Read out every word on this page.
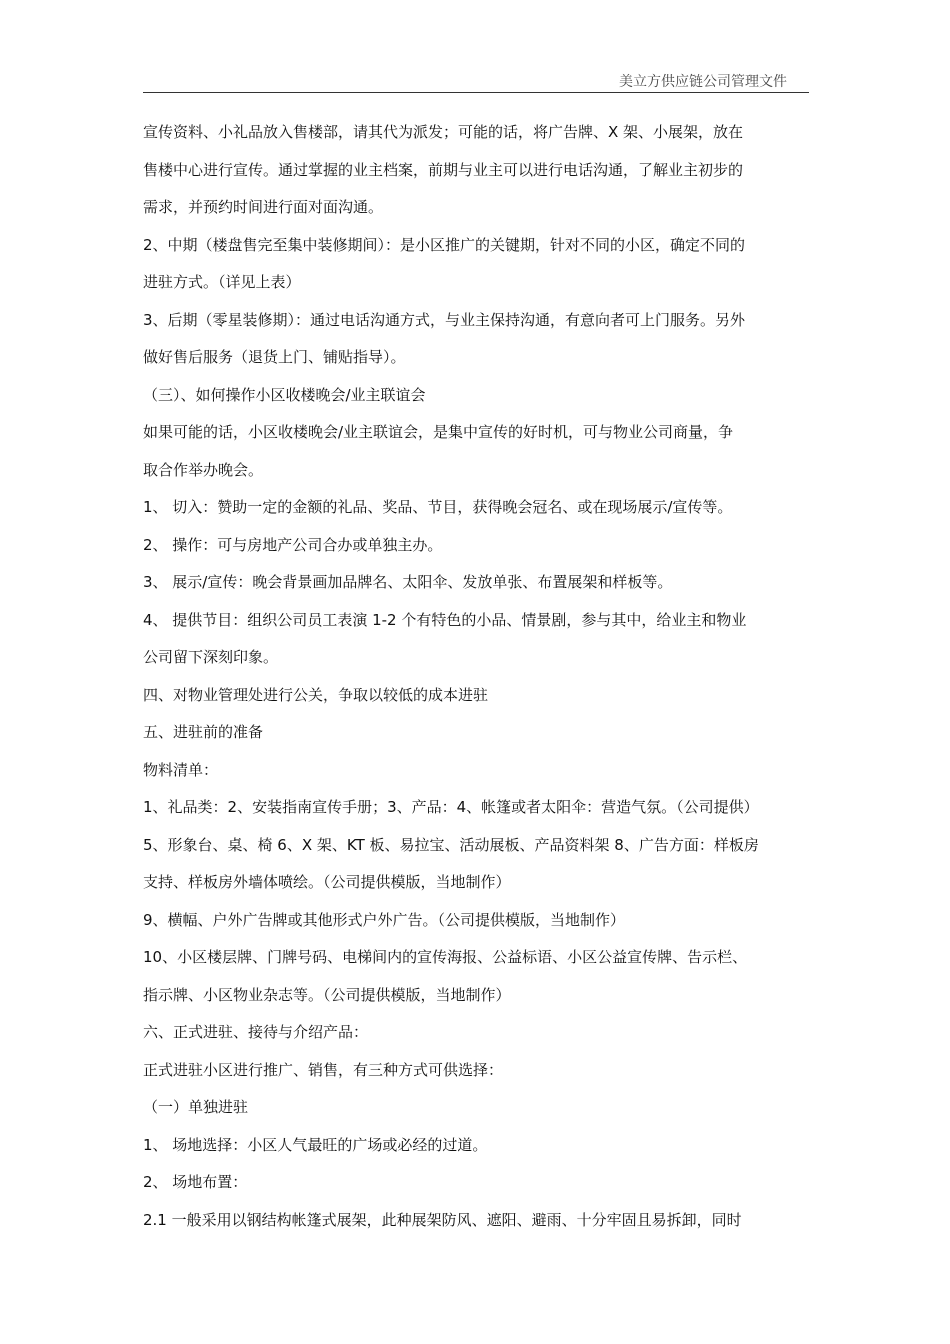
美立方供应链公司管理文件
宣传资料、小礼品放入售楼部，请其代为派发；可能的话，将广告牌、X 架、小展架，放在
售楼中心进行宣传。通过掌握的业主档案，前期与业主可以进行电话沟通，了解业主初步的
需求，并预约时间进行面对面沟通。
2、中期（楼盘售完至集中装修期间）：是小区推广的关键期，针对不同的小区，确定不同的
进驻方式。（详见上表）
3、后期（零星装修期）：通过电话沟通方式，与业主保持沟通，有意向者可上门服务。另外
做好售后服务（退货上门、铺贴指导）。
（三）、如何操作小区收楼晚会/业主联谊会
如果可能的话，小区收楼晚会/业主联谊会，是集中宣传的好时机，可与物业公司商量，争
取合作举办晚会。
1、 切入：赞助一定的金额的礼品、奖品、节目，获得晚会冠名、或在现场展示/宣传等。
2、 操作：可与房地产公司合办或单独主办。
3、 展示/宣传：晚会背景画加品牌名、太阳伞、发放单张、布置展架和样板等。
4、 提供节目：组织公司员工表演 1-2 个有特色的小品、情景剧，参与其中，给业主和物业
公司留下深刻印象。
四、对物业管理处进行公关，争取以较低的成本进驻
五、进驻前的准备
物料清单：
1、礼品类：2、安装指南宣传手册；3、产品：4、帐篷或者太阳伞：营造气氛。（公司提供）
5、形象台、桌、椅 6、X 架、KT 板、易拉宝、活动展板、产品资料架 8、广告方面：样板房
支持、样板房外墙体喷绘。（公司提供模版，当地制作）
9、横幅、户外广告牌或其他形式户外广告。（公司提供模版，当地制作）
10、小区楼层牌、门牌号码、电梯间内的宣传海报、公益标语、小区公益宣传牌、告示栏、
指示牌、小区物业杂志等。（公司提供模版，当地制作）
六、正式进驻、接待与介绍产品：
正式进驻小区进行推广、销售，有三种方式可供选择：
（一）单独进驻
1、 场地选择：小区人气最旺的广场或必经的过道。
2、 场地布置：
2.1 一般采用以钢结构帐篷式展架，此种展架防风、遮阳、避雨、十分牢固且易拆卸，同时
